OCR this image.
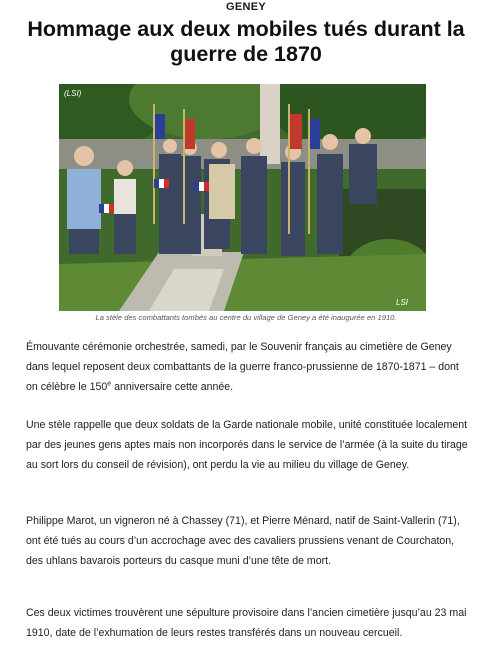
GENEY
Hommage aux deux mobiles tués durant la guerre de 1870
(LSI)
LSI
La stèle des combattants tombés au centre du village de Geney a été inaugurée en 1910.

Émouvante cérémonie orchestrée, samedi, par le Souvenir français au cimetière de Geney dans lequel reposent deux combattants de la guerre franco-prussienne de 1870-1871 – dont on célèbre le 150e anniversaire cette année.

Une stèle rappelle que deux soldats de la Garde nationale mobile, unité constituée localement par des jeunes gens aptes mais non incorporés dans le service de l’armée (à la suite du tirage au sort lors du conseil de révision), ont perdu la vie au milieu du village de Geney.

Philippe Marot, un vigneron né à Chassey (71), et Pierre Ménard, natif de Saint-Vallerin (71), ont été tués au cours d’un accrochage avec des cavaliers prussiens venant de Courchaton, des uhlans bavarois porteurs du casque muni d’une tête de mort.

Ces deux victimes trouvèrent une sépulture provisoire dans l’ancien cimetière jusqu’au 23 mai 1910, date de l’exhumation de leurs restes transférés dans un nouveau cercueil.
